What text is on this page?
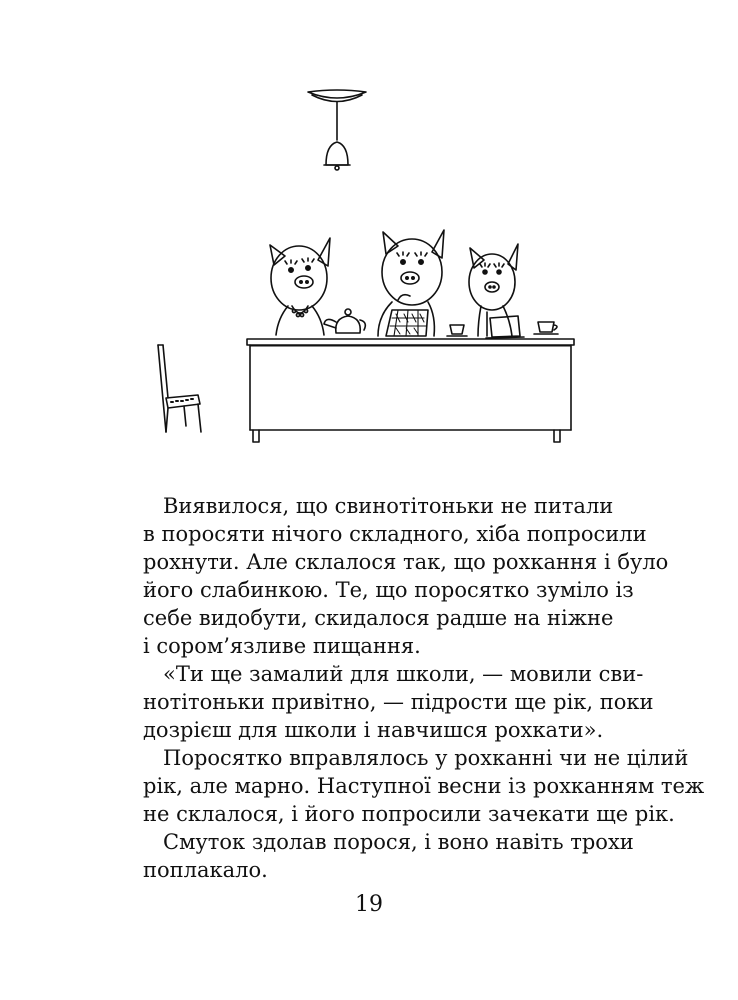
Виявилося, що свинотітоньки не питали
в поросяти нічого складного, хіба попросили
рохнути. Але склалося так, що рохкання і було
його слабинкою. Те, що поросятко зуміло із
себе видобути, скидалося радше на ніжне
і сором’язливе пищання.
«Ти ще замалий для школи, — мовили сви-
нотітоньки привітно, — підрости ще рік, поки
дозрієш для школи і навчишся рохкати».
Поросятко вправлялось у рохканні чи не цілий
рік, але марно. Наступної весни із рохканням теж
не склалося, і його попросили зачекати ще рік.
Смуток здолав порося, і воно навіть трохи
поплакало.
19
